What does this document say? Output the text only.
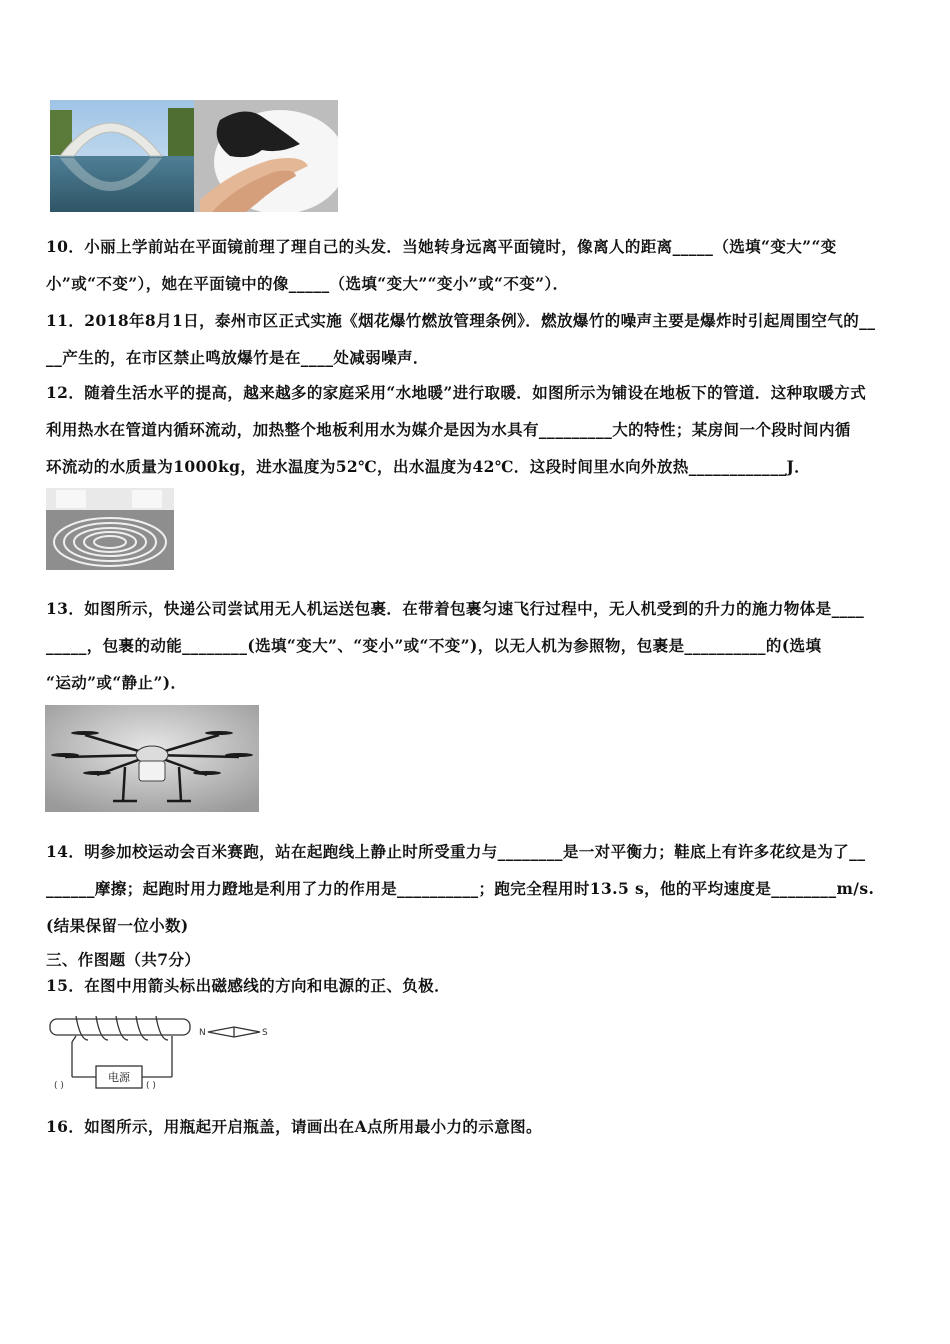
10．小丽上学前站在平面镜前理了理自己的头发．当她转身远离平面镜时，像离人的距离_____（选填“变大”“变
小”或“不变”），她在平面镜中的像_____（选填“变大”“变小”或“不变”）．
11．2018年8月1日，泰州市区正式实施《烟花爆竹燃放管理条例》．燃放爆竹的噪声主要是爆炸时引起周围空气的__
__产生的，在市区禁止鸣放爆竹是在____处减弱噪声．
12．随着生活水平的提高，越来越多的家庭采用“水地暖”进行取暖．如图所示为铺设在地板下的管道．这种取暖方式
利用热水在管道内循环流动，加热整个地板利用水为媒介是因为水具有_________大的特性；某房间一个段时间内循
环流动的水质量为1000kg，进水温度为52℃，出水温度为42℃．这段时间里水向外放热____________J．
13．如图所示，快递公司尝试用无人机运送包裹．在带着包裹匀速飞行过程中，无人机受到的升力的施力物体是____
_____，包裹的动能________(选填“变大”、“变小”或“不变”)，以无人机为参照物，包裹是__________的(选填
“运动”或“静止”)．
14．明参加校运动会百米赛跑，站在起跑线上静止时所受重力与________是一对平衡力；鞋底上有许多花纹是为了__
______摩擦；起跑时用力蹬地是利用了力的作用是__________；跑完全程用时13.5 s，他的平均速度是________m/s.
(结果保留一位小数)
三、作图题（共7分）
15．在图中用箭头标出磁感线的方向和电源的正、负极．
电源
( )	( )
N	S
16．如图所示，用瓶起开启瓶盖，请画出在A点所用最小力的示意图。
